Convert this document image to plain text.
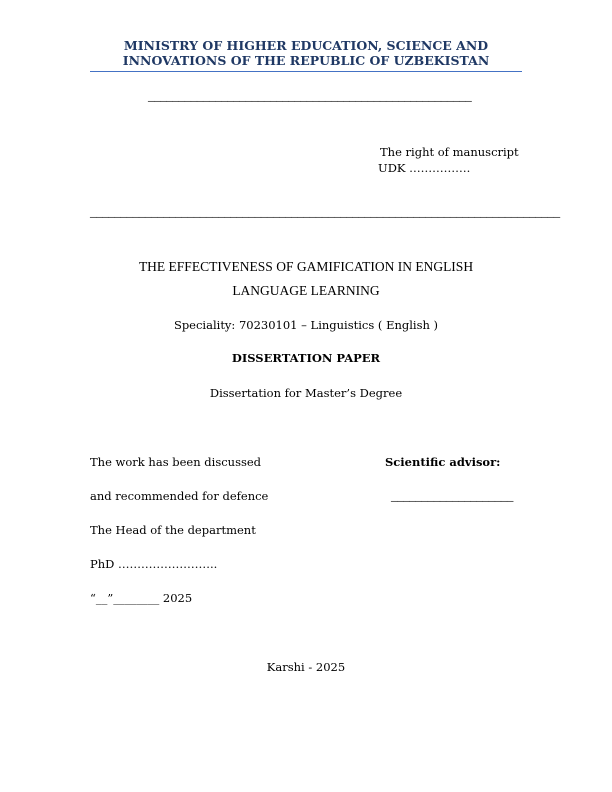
MINISTRY OF HIGHER EDUCATION, SCIENCE AND
INNOVATIONS OF THE REPUBLIC OF UZBEKISTAN
_____________________________________________________
The right of manuscript
UDK …………….
_____________________________________________________________________________
THE EFFECTIVENESS OF GAMIFICATION IN ENGLISH
LANGUAGE LEARNING
Speciality: 70230101 – Linguistics ( English )
DISSERTATION PAPER
Dissertation for Master’s Degree
The work has been discussed	Scientific advisor:
and recommended for defence	____________________
The Head of the department
PhD ……………………..
“__”________ 2025
Karshi - 2025
